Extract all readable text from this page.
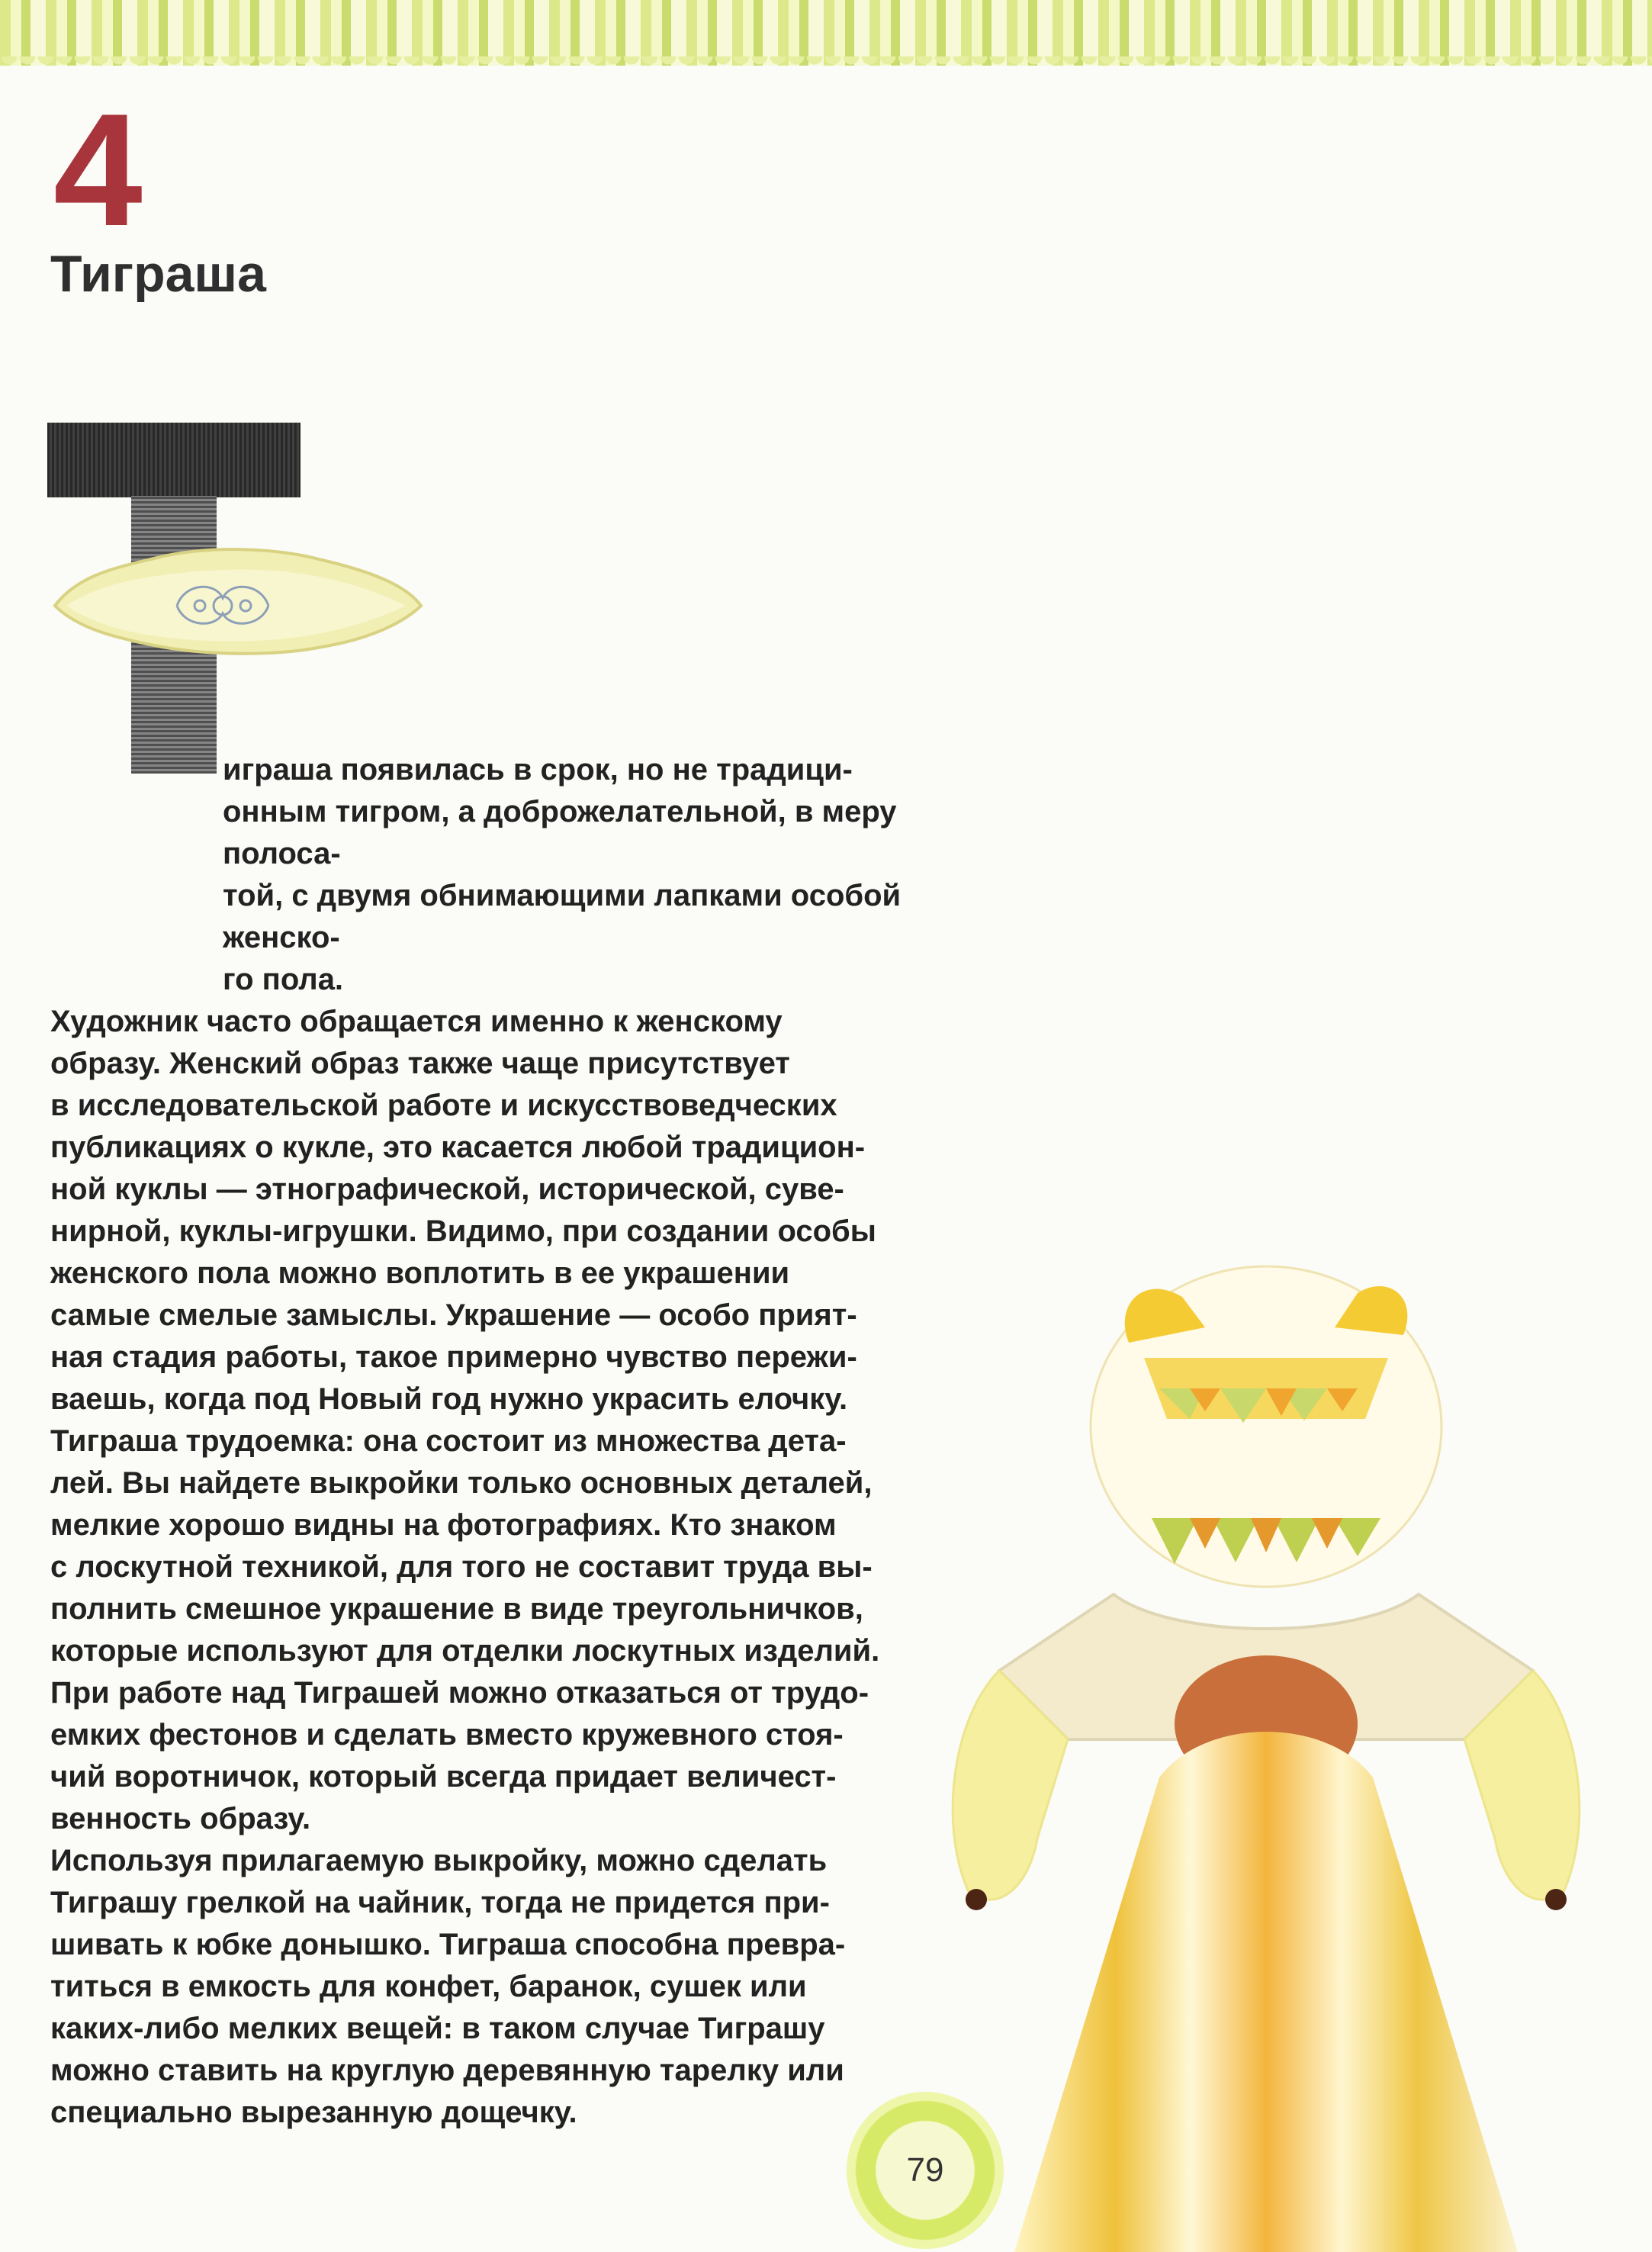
4
Тиграша

играша появилась в срок, но не традици-
онным тигром, а доброжелательной, в меру полоса-
той, с двумя обнимающими лапками особой женско-
го пола.

Художник часто обращается именно к женскому
образу. Женский образ также чаще присутствует
в исследовательской работе и искусствоведческих
публикациях о кукле, это касается любой традицион-
ной куклы — этнографической, исторической, суве-
нирной, куклы-игрушки. Видимо, при создании особы
женского пола можно воплотить в ее украшении
самые смелые замыслы. Украшение — особо прият-
ная стадия работы, такое примерно чувство пережи-
ваешь, когда под Новый год нужно украсить елочку.

Тиграша трудоемка: она состоит из множества дета-
лей. Вы найдете выкройки только основных деталей,
мелкие хорошо видны на фотографиях. Кто знаком
с лоскутной техникой, для того не составит труда вы-
полнить смешное украшение в виде треугольничков,
которые используют для отделки лоскутных изделий.

При работе над Тиграшей можно отказаться от трудо-
емких фестонов и сделать вместо кружевного стоя-
чий воротничок, который всегда придает величест-
венность образу.

Используя прилагаемую выкройку, можно сделать
Тиграшу грелкой на чайник, тогда не придется при-
шивать к юбке донышко. Тиграша способна превра-
титься в емкость для конфет, баранок, сушек или
каких-либо мелких вещей: в таком случае Тиграшу
можно ставить на круглую деревянную тарелку или
специально вырезанную дощечку.

79
